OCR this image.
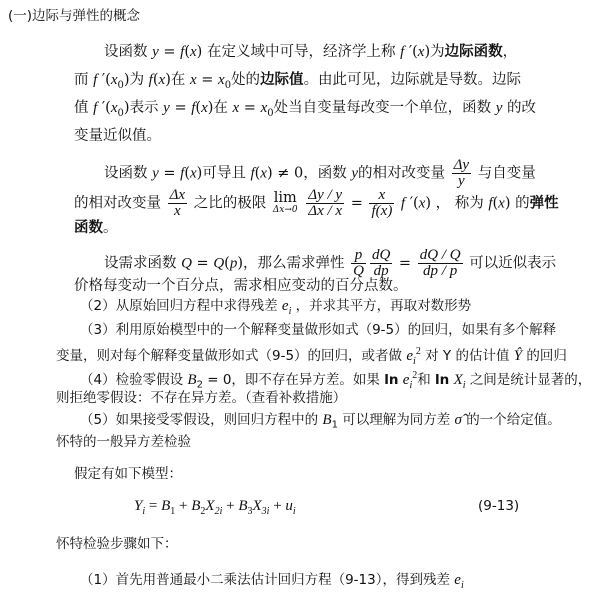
(一)边际与弹性的概念
设函数 y = f(x) 在定义域中可导，经济学上称 f ′(x)为边际函数，
而 f $'(x_0)$为 f(x)在 $x = x_0$处的边际值。由此可见，边际就是导数。边际
值 f $'(x_0)$表示 y = f(x)在 $x = x_0$处当自变量每改变一个单位，函数 y 的改
变量近似值。
设函数 y = f(x)可导且 f(x) ≠ 0，函数 y的相对改变量 $\frac{\Delta y}{y}$ 与自变量
的相对改变量 $\frac{\Delta x}{x}$ 之比的极限 lim
Δx→0
$\frac{\Delta y / y}{\Delta x / x} = \frac{x}{f(x)}$ f ′(x) ， 称为 f(x) 的弹性
函数。
设需求函数 Q = Q(p)，那么需求弹性 $\frac{p}{Q} \frac{dQ}{dp} = \frac{dQ / Q}{dp / p}$ 可以近似表示
价格每变动一个百分点，需求相应变动的百分点数。
（2）从原始回归方程中求得残差 $e_i$ ，并求其平方，再取对数形势
（3）利用原始模型中的一个解释变量做形如式（9-5）的回归，如果有多个解释
变量，则对每个解释变量做形如式（9-5）的回归，或者做 $e_i^2$ 对 Y 的估计值 Ŷ 的回归
（4）检验零假设 $B_2 = 0$，即不存在异方差。如果 $\ln e_i^2$和 $\ln X_i$ 之间是统计显著的，
则拒绝零假设：不存在异方差。（查看补救措施）
（5）如果接受零假设，则回归方程中的 $B_1$ 可以理解为同方差 σ̂ 的一个给定值。
怀特的一般异方差检验
假定有如下模型：
$Y_i = B_1 + B_2X_{2i} + B_3X_{3i} + u_i$	(9-13)
怀特检验步骤如下：
（1）首先用普通最小二乘法估计回归方程（9-13），得到残差 $e_i$
